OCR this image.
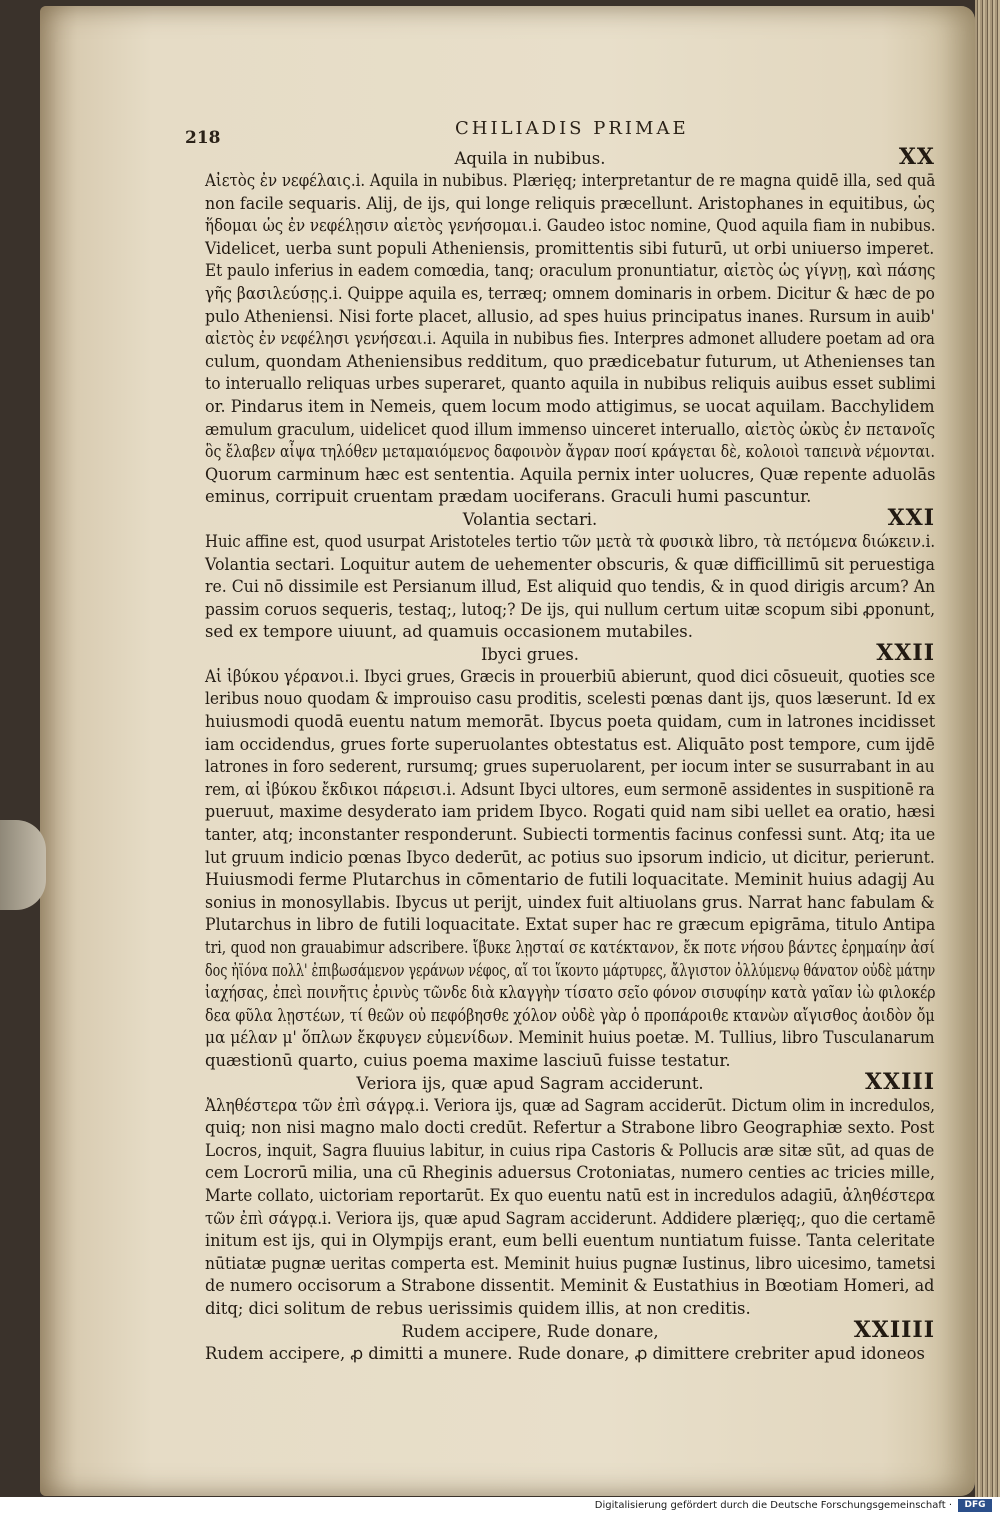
218	CHILIADIS PRIMAE
Aquila in nubibus.	XX
Αἰετὸς ἐν νεφέλαις.i. Aquila in nubibus. Plærięq; interpretantur de re magna quidē illa, sed quā
non facile sequaris. Alij, de ijs, qui longe reliquis præcellunt. Aristophanes in equitibus, ὡς
ἥδομαι ὡς ἐν νεφέλῃσιν αἰετὸς γενήσομαι.i. Gaudeo istoc nomine, Quod aquila fiam in nubibus.
Videlicet, uerba sunt populi Atheniensis, promittentis sibi futurū, ut orbi uniuerso imperet.
Et paulo inferius in eadem comœdia, tanq; oraculum pronuntiatur, αἰετὸς ὡς γίγνῃ, καὶ πάσης
γῆς βασιλεύσῃς.i. Quippe aquila es, terræq; omnem dominaris in orbem. Dicitur & hæc de po
pulo Atheniensi. Nisi forte placet, allusio, ad spes huius principatus inanes. Rursum in auib'
αἰετὸς ἐν νεφέλησι γενήσεαι.i. Aquila in nubibus fies. Interpres admonet alludere poetam ad ora
culum, quondam Atheniensibus redditum, quo prædicebatur futurum, ut Athenienses tan
to interuallo reliquas urbes superaret, quanto aquila in nubibus reliquis auibus esset sublimi
or. Pindarus item in Nemeis, quem locum modo attigimus, se uocat aquilam. Bacchylidem
æmulum graculum, uidelicet quod illum immenso uinceret interuallo, αἰετὸς ὠκὺς ἐν πετανοῖς
ὃς ἔλαβεν αἶψα τηλόθεν μεταμαιόμενος δαφοινὸν ἄγραν ποσί κράγεται δὲ, κολοιοὶ ταπεινὰ νέμονται.
Quorum carminum hæc est sententia. Aquila pernix inter uolucres, Quæ repente aduolās
eminus, corripuit cruentam prædam uociferans. Graculi humi pascuntur.
Volantia sectari.	XXI
Huic affine est, quod usurpat Aristoteles tertio τῶν μετὰ τὰ φυσικὰ libro, τὰ πετόμενα διώκειν.i.
Volantia sectari. Loquitur autem de uehementer obscuris, & quæ difficillimū sit peruestiga
re. Cui nō dissimile est Persianum illud, Est aliquid quo tendis, & in quod dirigis arcum? An
passim coruos sequeris, testaq;, lutoq;? De ijs, qui nullum certum uitæ scopum sibi ꝓponunt,
sed ex tempore uiuunt, ad quamuis occasionem mutabiles.
Ibyci grues.	XXII
Αἱ ἰβύκου γέρανοι.i. Ibyci grues, Græcis in prouerbiū abierunt, quod dici cōsueuit, quoties sce
leribus nouo quodam & improuiso casu proditis, scelesti pœnas dant ijs, quos læserunt. Id ex
huiusmodi quodā euentu natum memorāt. Ibycus poeta quidam, cum in latrones incidisset
iam occidendus, grues forte superuolantes obtestatus est. Aliquāto post tempore, cum ijdē
latrones in foro sederent, rursumq; grues superuolarent, per iocum inter se susurrabant in au
rem, αἱ ἰβύκου ἔκδικοι πάρεισι.i. Adsunt Ibyci ultores, eum sermonē assidentes in suspitionē ra
pueruut, maxime desyderato iam pridem Ibyco. Rogati quid nam sibi uellet ea oratio, hæsi
tanter, atq; inconstanter responderunt. Subiecti tormentis facinus confessi sunt. Atq; ita ue
lut gruum indicio pœnas Ibyco dederūt, ac potius suo ipsorum indicio, ut dicitur, perierunt.
Huiusmodi ferme Plutarchus in cōmentario de futili loquacitate. Meminit huius adagij Au
sonius in monosyllabis. Ibycus ut perijt, uindex fuit altiuolans grus. Narrat hanc fabulam &
Plutarchus in libro de futili loquacitate. Extat super hac re græcum epigrāma, titulo Antipa
tri, quod non grauabimur adscribere. ἴβυκε λῃσταί σε κατέκτανον, ἔκ ποτε νήσου βάντες ἐρημαίην ἀσί
δος ἠϊόνα πολλ' ἐπιβωσάμενον γεράνων νέφος, αἵ τοι ἵκοντο μάρτυρες, ἄλγιστον ὀλλύμενῳ θάνατον οὐδὲ μάτην
ἰαχήσας, ἐπεὶ ποινῆτις ἐρινὺς τῶνδε διὰ κλαγγὴν τίσατο σεῖο φόνον σισυφίην κατὰ γαῖαν ἰὼ φιλοκέρ
δεα φῦλα λῃστέων, τί θεῶν οὐ πεφόβησθε χόλον οὐδὲ γὰρ ὁ προπάροιθε κτανὼν αἴγισθος ἀοιδὸν ὄμ
μα μέλαν μ' ὅπλων ἔκφυγεν εὐμενίδων. Meminit huius poetæ. M. Tullius, libro Tusculanarum
quæstionū quarto, cuius poema maxime lasciuū fuisse testatur.
Veriora ijs, quæ apud Sagram acciderunt.	XXIII
Ἀληθέστερα τῶν ἐπὶ σάγρᾳ.i. Veriora ijs, quæ ad Sagram acciderūt. Dictum olim in incredulos,
quiq; non nisi magno malo docti credūt. Refertur a Strabone libro Geographiæ sexto. Post
Locros, inquit, Sagra fluuius labitur, in cuius ripa Castoris & Pollucis aræ sitæ sūt, ad quas de
cem Locrorū milia, una cū Rheginis aduersus Crotoniatas, numero centies ac tricies mille,
Marte collato, uictoriam reportarūt. Ex quo euentu natū est in incredulos adagiū, ἀληθέστερα
τῶν ἐπὶ σάγρᾳ.i. Veriora ijs, quæ apud Sagram acciderunt. Addidere plærięq;, quo die certamē
initum est ijs, qui in Olympijs erant, eum belli euentum nuntiatum fuisse. Tanta celeritate
nūtiatæ pugnæ ueritas comperta est. Meminit huius pugnæ Iustinus, libro uicesimo, tametsi
de numero occisorum a Strabone dissentit. Meminit & Eustathius in Bœotiam Homeri, ad
ditq; dici solitum de rebus uerissimis quidem illis, at non creditis.
Rudem accipere, Rude donare,	XXIIII
Rudem accipere, ꝓ dimitti a munere. Rude donare, ꝓ dimittere crebriter apud idoneos
Digitalisierung gefördert durch die Deutsche Forschungsgemeinschaft ·	DFG
